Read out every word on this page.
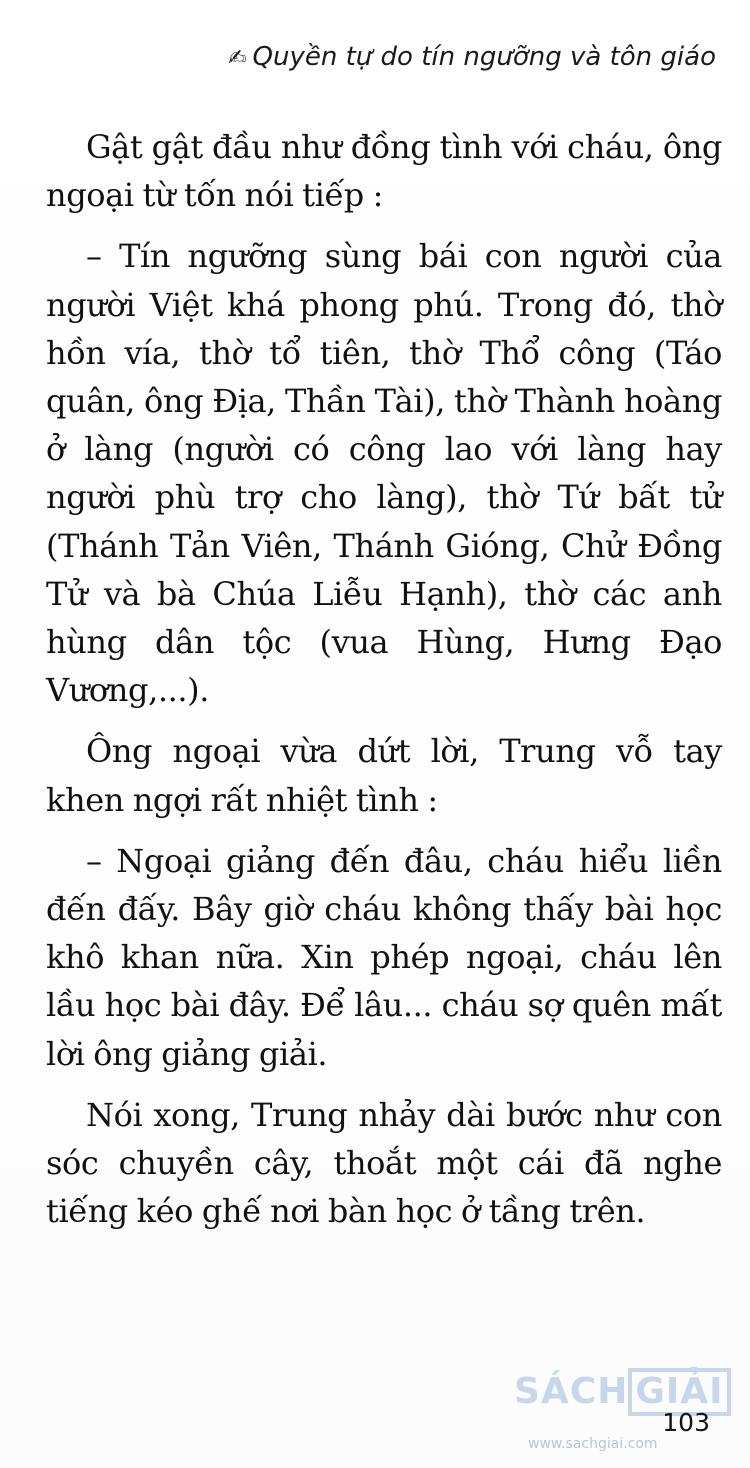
✍ Quyền tự do tín ngưỡng và tôn giáo

Gật gật đầu như đồng tình với cháu, ông ngoại từ tốn nói tiếp :

– Tín ngưỡng sùng bái con người của người Việt khá phong phú. Trong đó, thờ hồn vía, thờ tổ tiên, thờ Thổ công (Táo quân, ông Địa, Thần Tài), thờ Thành hoàng ở làng (người có công lao với làng hay người phù trợ cho làng), thờ Tứ bất tử (Thánh Tản Viên, Thánh Gióng, Chử Đồng Tử và bà Chúa Liễu Hạnh), thờ các anh hùng dân tộc (vua Hùng, Hưng Đạo Vương,...).

Ông ngoại vừa dứt lời, Trung vỗ tay khen ngợi rất nhiệt tình :

– Ngoại giảng đến đâu, cháu hiểu liền đến đấy. Bây giờ cháu không thấy bài học khô khan nữa. Xin phép ngoại, cháu lên lầu học bài đây. Để lâu... cháu sợ quên mất lời ông giảng giải.

Nói xong, Trung nhảy dài bước như con sóc chuyền cây, thoắt một cái đã nghe tiếng kéo ghế nơi bàn học ở tầng trên.

SÁCH GIẢI
www.sachgiai.com
103
